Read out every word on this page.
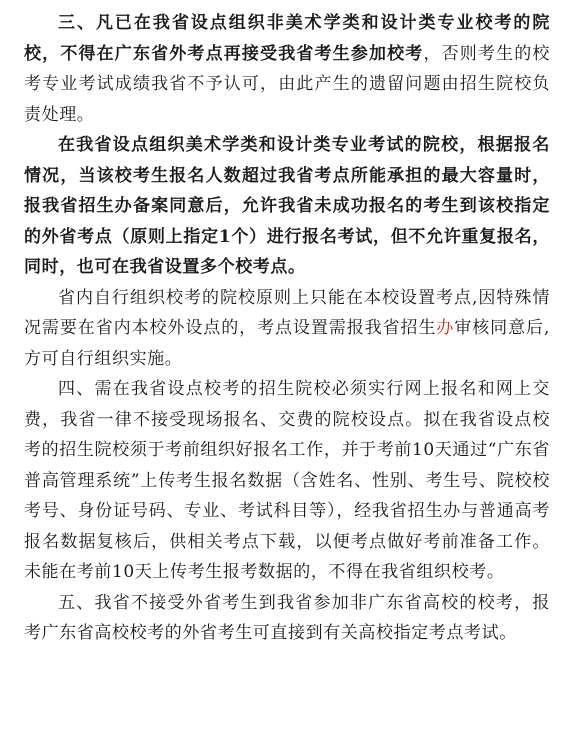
三、凡已在我省设点组织非美术学类和设计类专业校考的院校，不得在广东省外考点再接受我省考生参加校考，否则考生的校考专业考试成绩我省不予认可，由此产生的遗留问题由招生院校负责处理。

在我省设点组织美术学类和设计类专业考试的院校，根据报名情况，当该校考生报名人数超过我省考点所能承担的最大容量时，报我省招生办备案同意后，允许我省未成功报名的考生到该校指定的外省考点（原则上指定1个）进行报名考试，但不允许重复报名，同时，也可在我省设置多个校考点。

省内自行组织校考的院校原则上只能在本校设置考点,因特殊情况需要在省内本校外设点的，考点设置需报我省招生办审核同意后,方可自行组织实施。

四、需在我省设点校考的招生院校必须实行网上报名和网上交费，我省一律不接受现场报名、交费的院校设点。拟在我省设点校考的招生院校须于考前组织好报名工作，并于考前10天通过“广东省普高管理系统”上传考生报名数据（含姓名、性别、考生号、院校校考号、身份证号码、专业、考试科目等），经我省招生办与普通高考报名数据复核后，供相关考点下载，以便考点做好考前准备工作。未能在考前10天上传考生报考数据的，不得在我省组织校考。

五、我省不接受外省考生到我省参加非广东省高校的校考，报考广东省高校校考的外省考生可直接到有关高校指定考点考试。
